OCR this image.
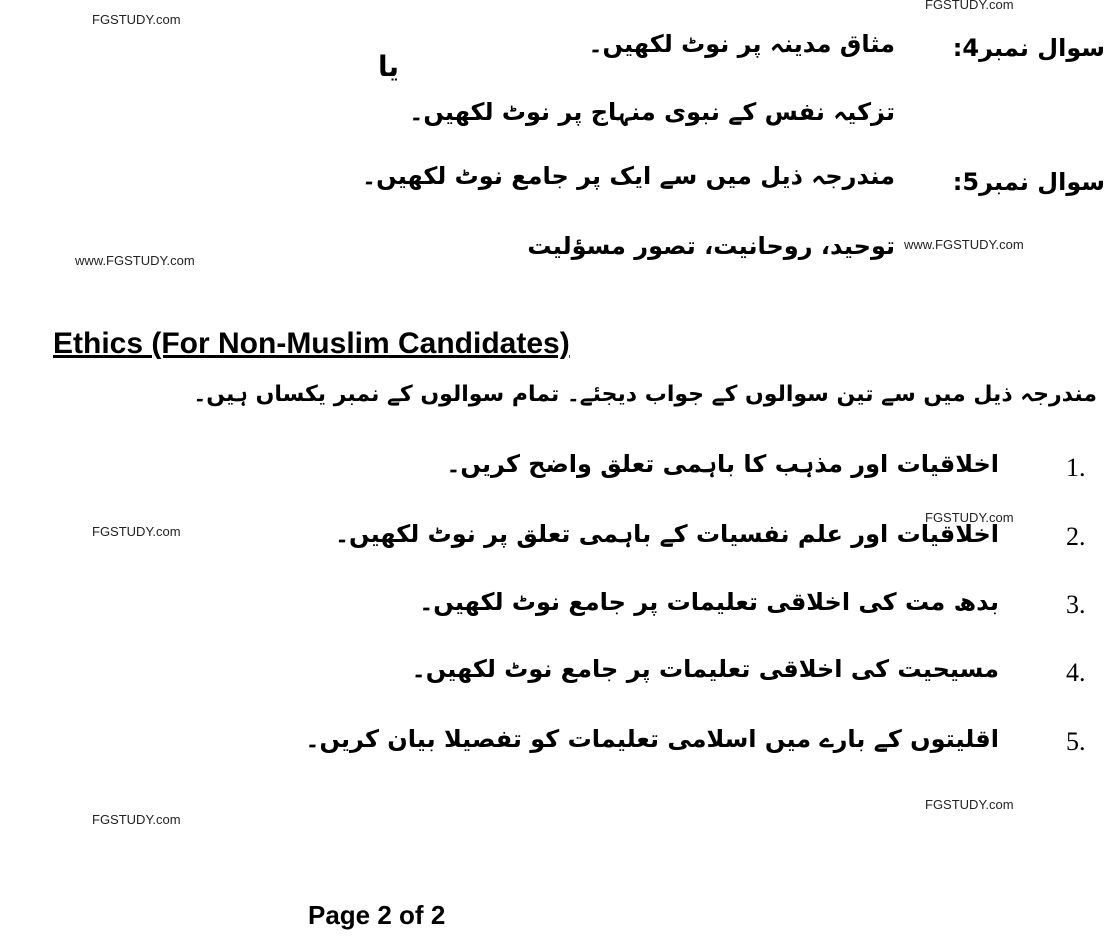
FGSTUDY.com
FGSTUDY.com
www.FGSTUDY.com
www.FGSTUDY.com
FGSTUDY.com
FGSTUDY.com
FGSTUDY.com
FGSTUDY.com
سوال نمبر4:
مثاق مدینہ پر نوٹ لکھیں۔
یا
تزکیہ نفس کے نبوی منہاج پر نوٹ لکھیں۔
سوال نمبر5:
مندرجہ ذیل میں سے ایک پر جامع نوٹ لکھیں۔
توحید، روحانیت، تصور مسؤلیت
Ethics (For Non-Muslim Candidates)
مندرجہ ذیل میں سے تین سوالوں کے جواب دیجئے۔ تمام سوالوں کے نمبر یکساں ہیں۔
1.
اخلاقیات اور مذہب کا باہمی تعلق واضح کریں۔
2.
اخلاقیات اور علم نفسیات کے باہمی تعلق پر نوٹ لکھیں۔
3.
بدھ مت کی اخلاقی تعلیمات پر جامع نوٹ لکھیں۔
4.
مسیحیت کی اخلاقی تعلیمات پر جامع نوٹ لکھیں۔
5.
اقلیتوں کے بارے میں اسلامی تعلیمات کو تفصیلا بیان کریں۔
Page 2 of 2
